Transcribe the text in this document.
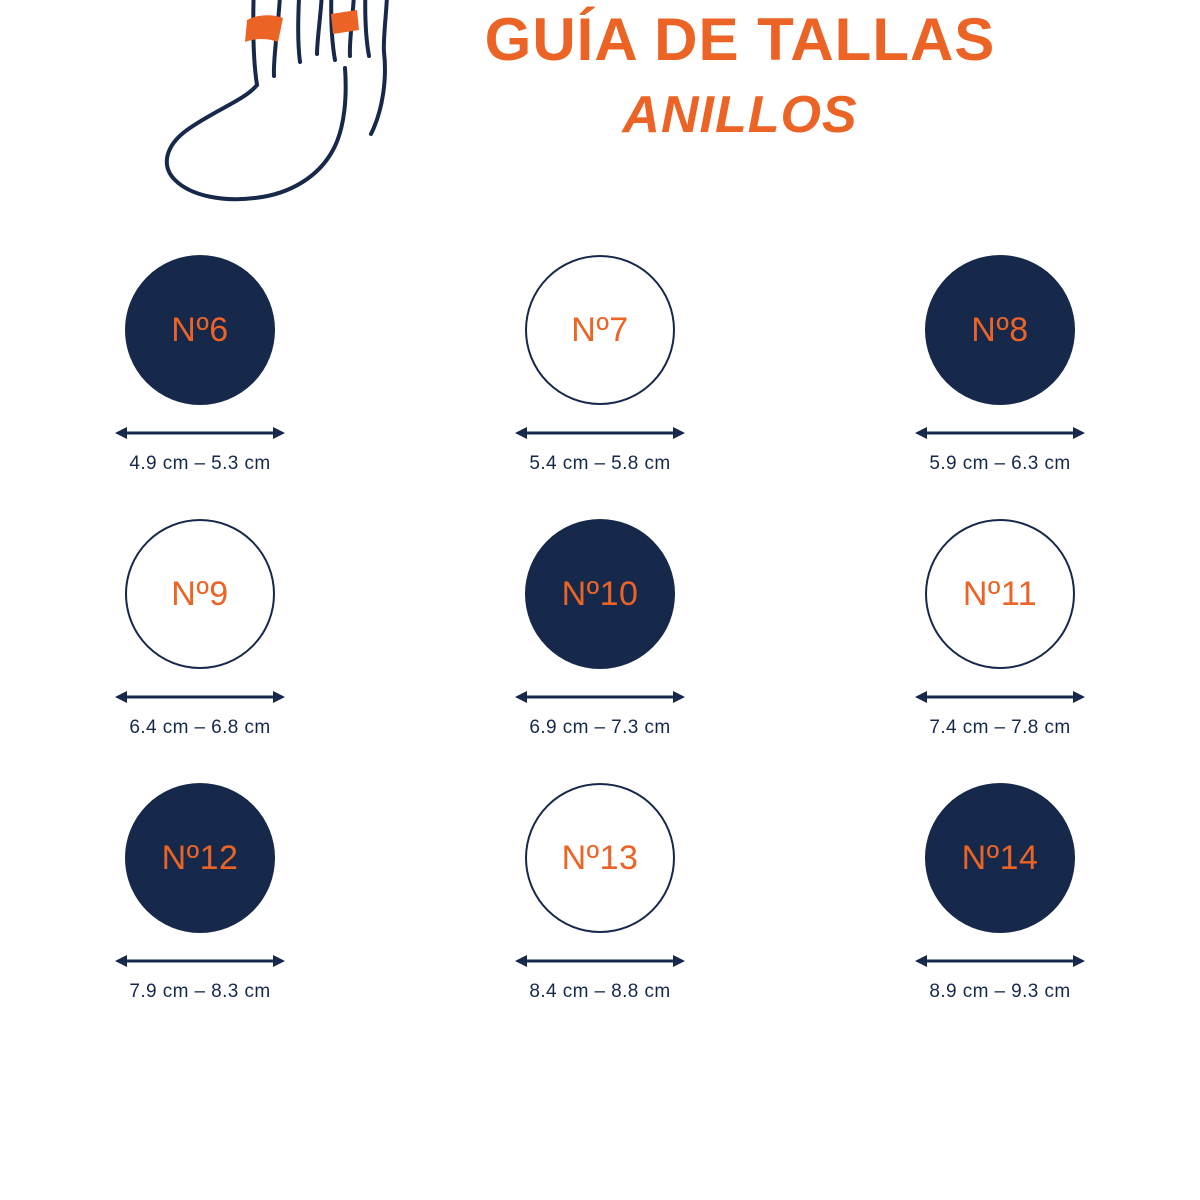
GUÍA DE TALLAS
ANILLOS
Nº6
4.9 cm – 5.3 cm
Nº7
5.4 cm – 5.8 cm
Nº8
5.9 cm – 6.3 cm
Nº9
6.4 cm – 6.8 cm
Nº10
6.9 cm – 7.3 cm
Nº11
7.4 cm – 7.8 cm
Nº12
7.9 cm – 8.3 cm
Nº13
8.4 cm – 8.8 cm
Nº14
8.9 cm – 9.3 cm
